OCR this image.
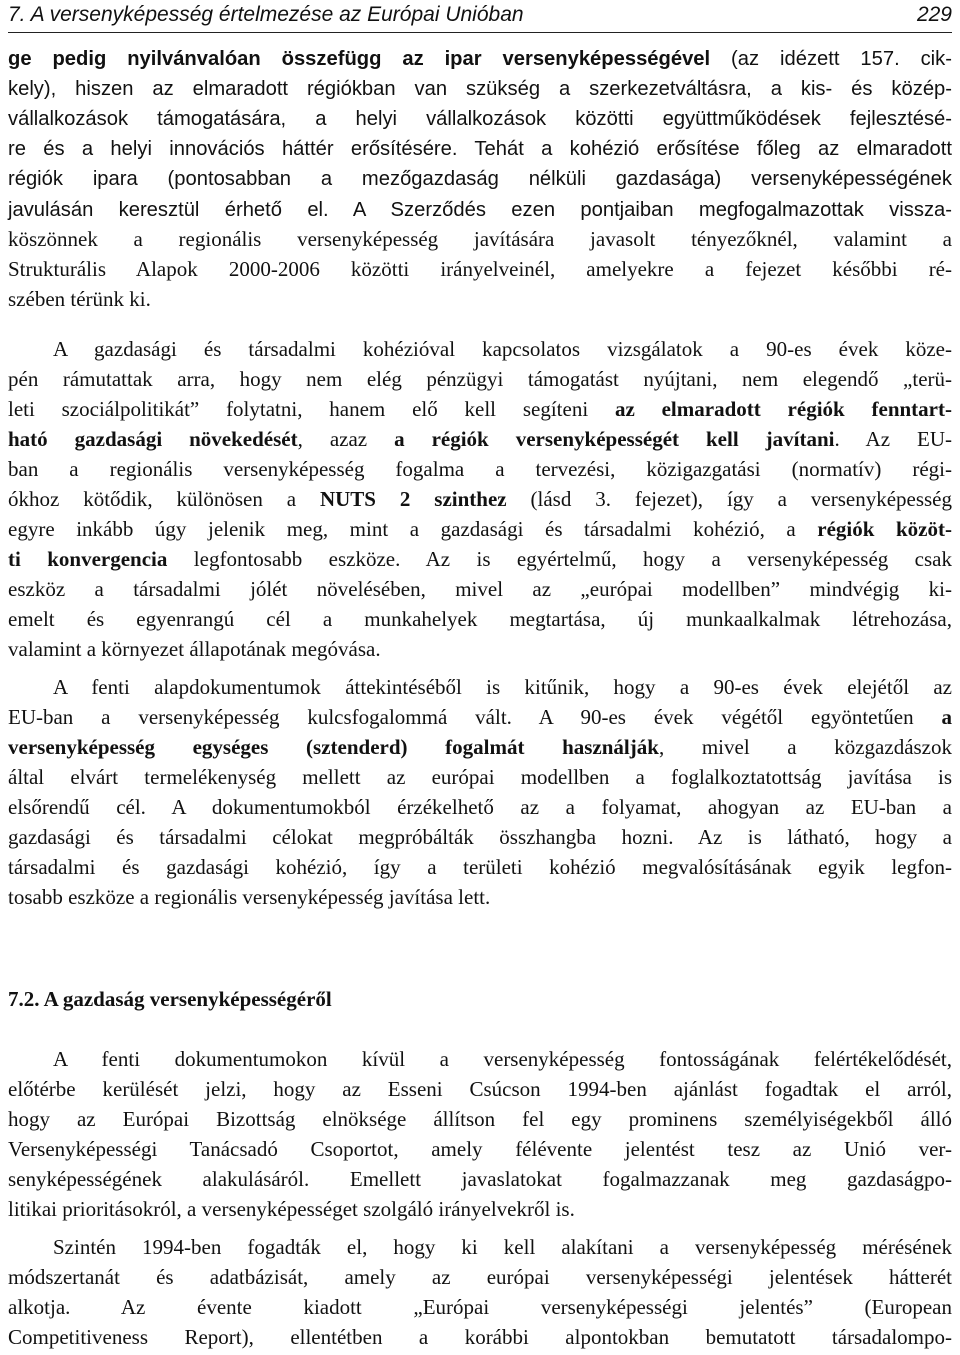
7. A versenyképesség értelmezése az Európai Unióban	229
ge pedig nyilvánvalóan összefügg az ipar versenyképességével (az idézett 157. cik-
kely), hiszen az elmaradott régiókban van szükség a szerkezetváltásra, a kis- és közép-
vállalkozások támogatására, a helyi vállalkozások közötti együttműködések fejlesztésé-
re és a helyi innovációs háttér erősítésére. Tehát a kohézió erősítése főleg az elmaradott
régiók ipara (pontosabban a mezőgazdaság nélküli gazdasága) versenyképességének
javulásán keresztül érhető el. A Szerződés ezen pontjaiban megfogalmazottak vissza-
köszönnek a regionális versenyképesség javítására javasolt tényezőknél, valamint a
Strukturális Alapok 2000-2006 közötti irányelveinél, amelyekre a fejezet későbbi ré-
szében térünk ki.
A gazdasági és társadalmi kohézióval kapcsolatos vizsgálatok a 90-es évek köze-
pén rámutattak arra, hogy nem elég pénzügyi támogatást nyújtani, nem elegendő „terü-
leti szociálpolitikát” folytatni, hanem elő kell segíteni az elmaradott régiók fenntart-
ható gazdasági növekedését, azaz a régiók versenyképességét kell javítani. Az EU-
ban a regionális versenyképesség fogalma a tervezési, közigazgatási (normatív) régi-
ókhoz kötődik, különösen a NUTS 2 szinthez (lásd 3. fejezet), így a versenyképesség
egyre inkább úgy jelenik meg, mint a gazdasági és társadalmi kohézió, a régiók közöt-
ti konvergencia legfontosabb eszköze. Az is egyértelmű, hogy a versenyképesség csak
eszköz a társadalmi jólét növelésében, mivel az „európai modellben” mindvégig ki-
emelt és egyenrangú cél a munkahelyek megtartása, új munkaalkalmak létrehozása,
valamint a környezet állapotának megóvása.
A fenti alapdokumentumok áttekintéséből is kitűnik, hogy a 90-es évek elejétől az
EU-ban a versenyképesség kulcsfogalommá vált. A 90-es évek végétől egyöntetűen a
versenyképesség egységes (sztenderd) fogalmát használják, mivel a közgazdászok
által elvárt termelékenység mellett az európai modellben a foglalkoztatottság javítása is
elsőrendű cél. A dokumentumokból érzékelhető az a folyamat, ahogyan az EU-ban a
gazdasági és társadalmi célokat megpróbálták összhangba hozni. Az is látható, hogy a
társadalmi és gazdasági kohézió, így a területi kohézió megvalósításának egyik legfon-
tosabb eszköze a regionális versenyképesség javítása lett.
7.2. A gazdaság versenyképességéről
A fenti dokumentumokon kívül a versenyképesség fontosságának felértékelődését,
előtérbe kerülését jelzi, hogy az Esseni Csúcson 1994-ben ajánlást fogadtak el arról,
hogy az Európai Bizottság elnöksége állítson fel egy prominens személyiségekből álló
Versenyképességi Tanácsadó Csoportot, amely félévente jelentést tesz az Unió ver-
senyképességének alakulásáról. Emellett javaslatokat fogalmazzanak meg gazdaságpo-
litikai prioritásokról, a versenyképességet szolgáló irányelvekről is.
Szintén 1994-ben fogadták el, hogy ki kell alakítani a versenyképesség mérésének
módszertanát és adatbázisát, amely az európai versenyképességi jelentések hátterét
alkotja. Az évente kiadott „Európai versenyképességi jelentés” (European
Competitiveness Report), ellentétben a korábbi alpontokban bemutatott társadalompo-
